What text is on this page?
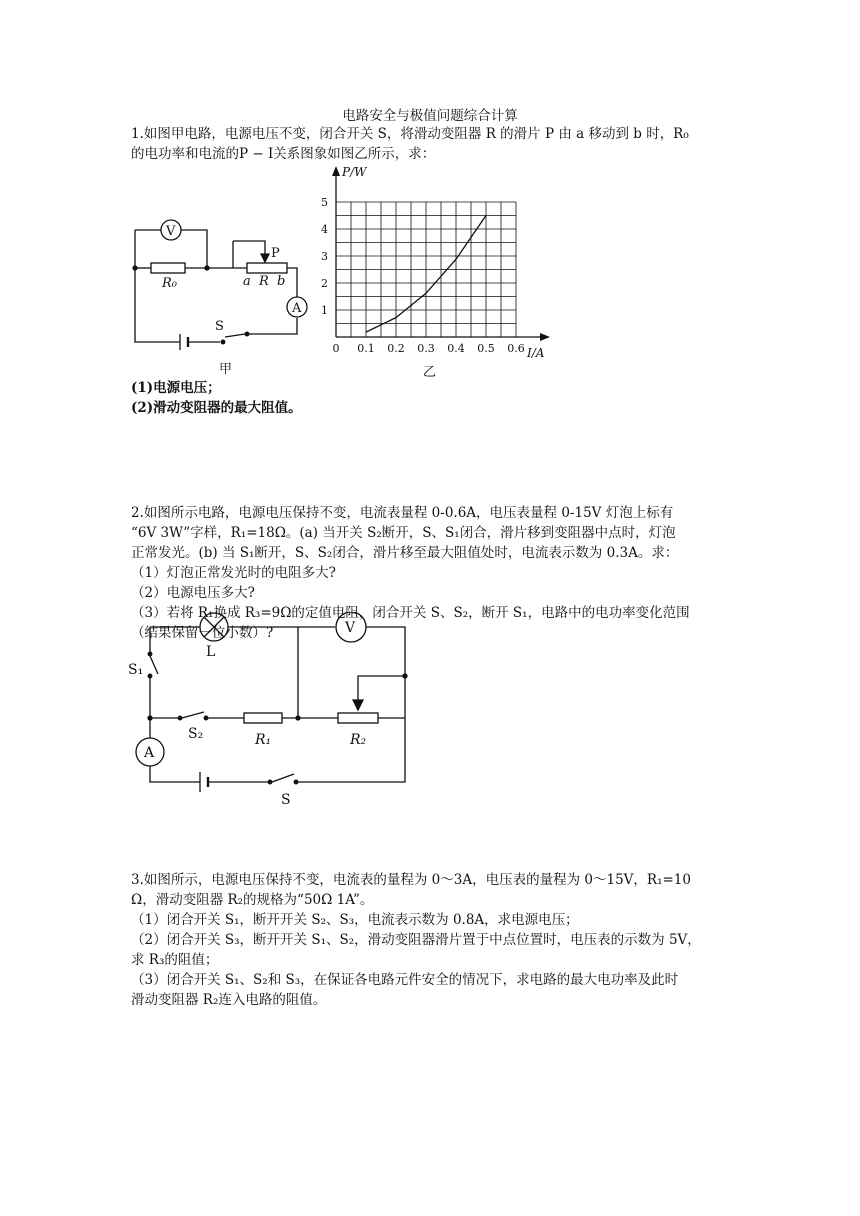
电路安全与极值问题综合计算
1.如图甲电路，电源电压不变，闭合开关 S，将滑动变阻器 R 的滑片 P 由 a 移动到 b 时，R₀
的电功率和电流的P − I关系图象如图乙所示，求：
V
A
R₀
P
a R b
S
甲
0 0.1 0.2 0.3 0.4 0.5 0.6
1
2
3
4
5
P/W
I/A
乙
(1)电源电压；
(2)滑动变阻器的最大阻值。
2.如图所示电路，电源电压保持不变，电流表量程 0-0.6A，电压表量程 0-15V 灯泡上标有
“6V 3W”字样，R₁=18Ω。(a) 当开关 S₂断开，S、S₁闭合，滑片移到变阻器中点时，灯泡
正常发光。(b) 当 S₁断开，S、S₂闭合，滑片移至最大阻值处时，电流表示数为 0.3A。求：
（1）灯泡正常发光时的电阻多大?
（2）电源电压多大?
（3）若将 R₁换成 R₃=9Ω的定值电阻，闭合开关 S、S₂，断开 S₁，电路中的电功率变化范围
（结果保留一位小数）?
L
V
A
S₁
S₂	R₁	R₂
S
3.如图所示，电源电压保持不变，电流表的量程为 0～3A，电压表的量程为 0～15V，R₁=10
Ω，滑动变阻器 R₂的规格为“50Ω 1A”。
（1）闭合开关 S₁，断开开关 S₂、S₃，电流表示数为 0.8A，求电源电压；
（2）闭合开关 S₃，断开开关 S₁、S₂，滑动变阻器滑片置于中点位置时，电压表的示数为 5V，
求 R₃的阻值；
（3）闭合开关 S₁、S₂和 S₃，在保证各电路元件安全的情况下，求电路的最大电功率及此时
滑动变阻器 R₂连入电路的阻值。
